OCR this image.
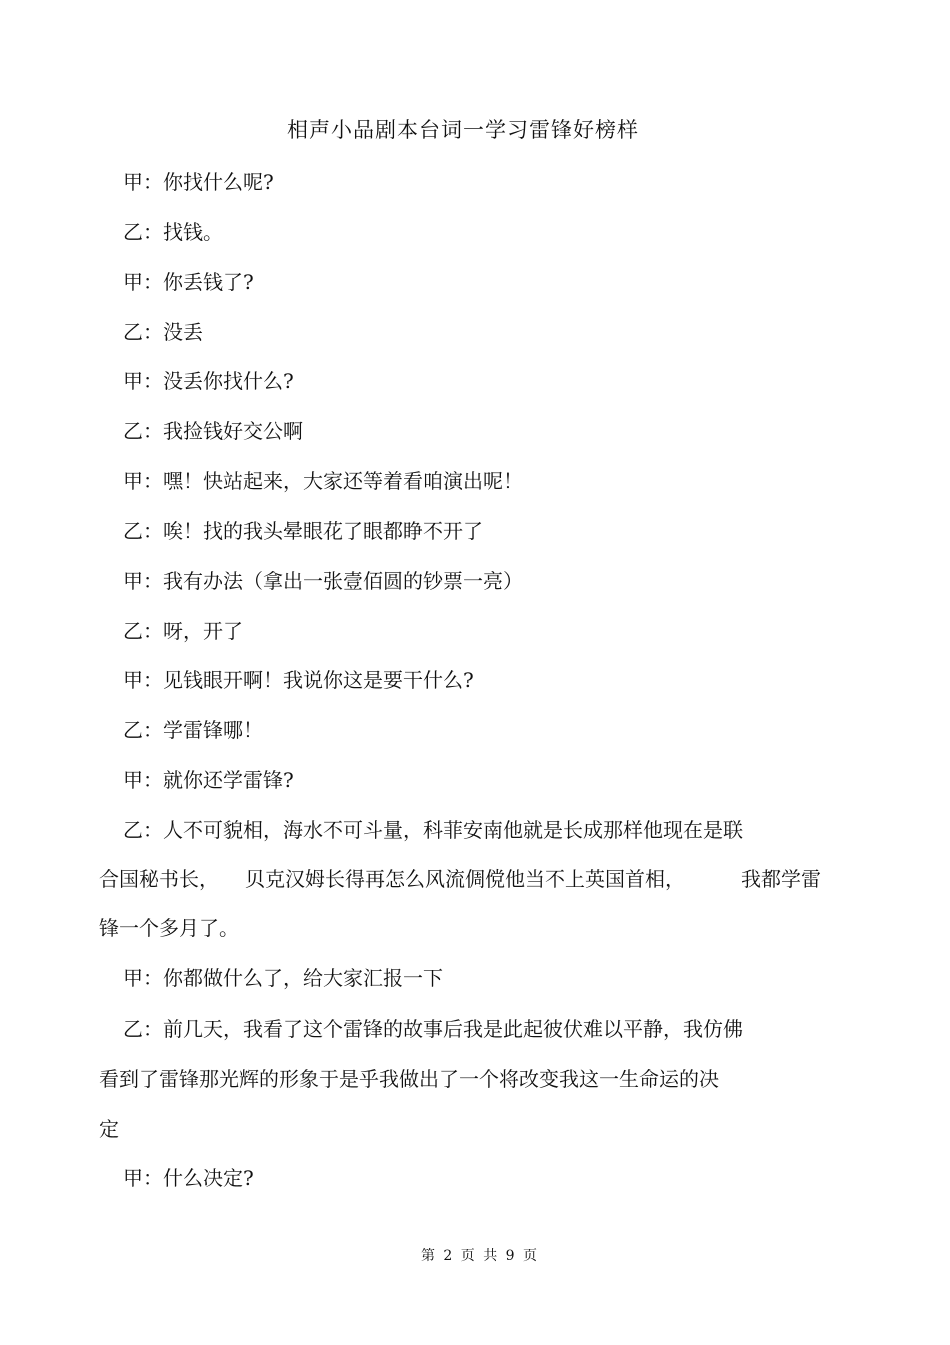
相声小品剧本台词一学习雷锋好榜样
甲：你找什么呢?
乙：找钱。
甲：你丢钱了?
乙：没丢
甲：没丢你找什么?
乙：我捡钱好交公啊
甲：嘿！快站起来，大家还等着看咱演出呢！
乙：唉！找的我头晕眼花了眼都睁不开了
甲：我有办法（拿出一张壹佰圆的钞票一亮）
乙：呀，开了
甲：见钱眼开啊！我说你这是要干什么?
乙：学雷锋哪！
甲：就你还学雷锋?
乙：人不可貌相，海水不可斗量，科菲安南他就是长成那样他现在是联
合国秘书长， 贝克汉姆长得再怎么风流倜傥他当不上英国首相，	我都学雷
锋一个多月了。
甲：你都做什么了，给大家汇报一下
乙：前几天，我看了这个雷锋的故事后我是此起彼伏难以平静，我仿佛
看到了雷锋那光辉的形象于是乎我做出了一个将改变我这一生命运的决
定
甲：什么决定?
第 2 页 共 9 页
